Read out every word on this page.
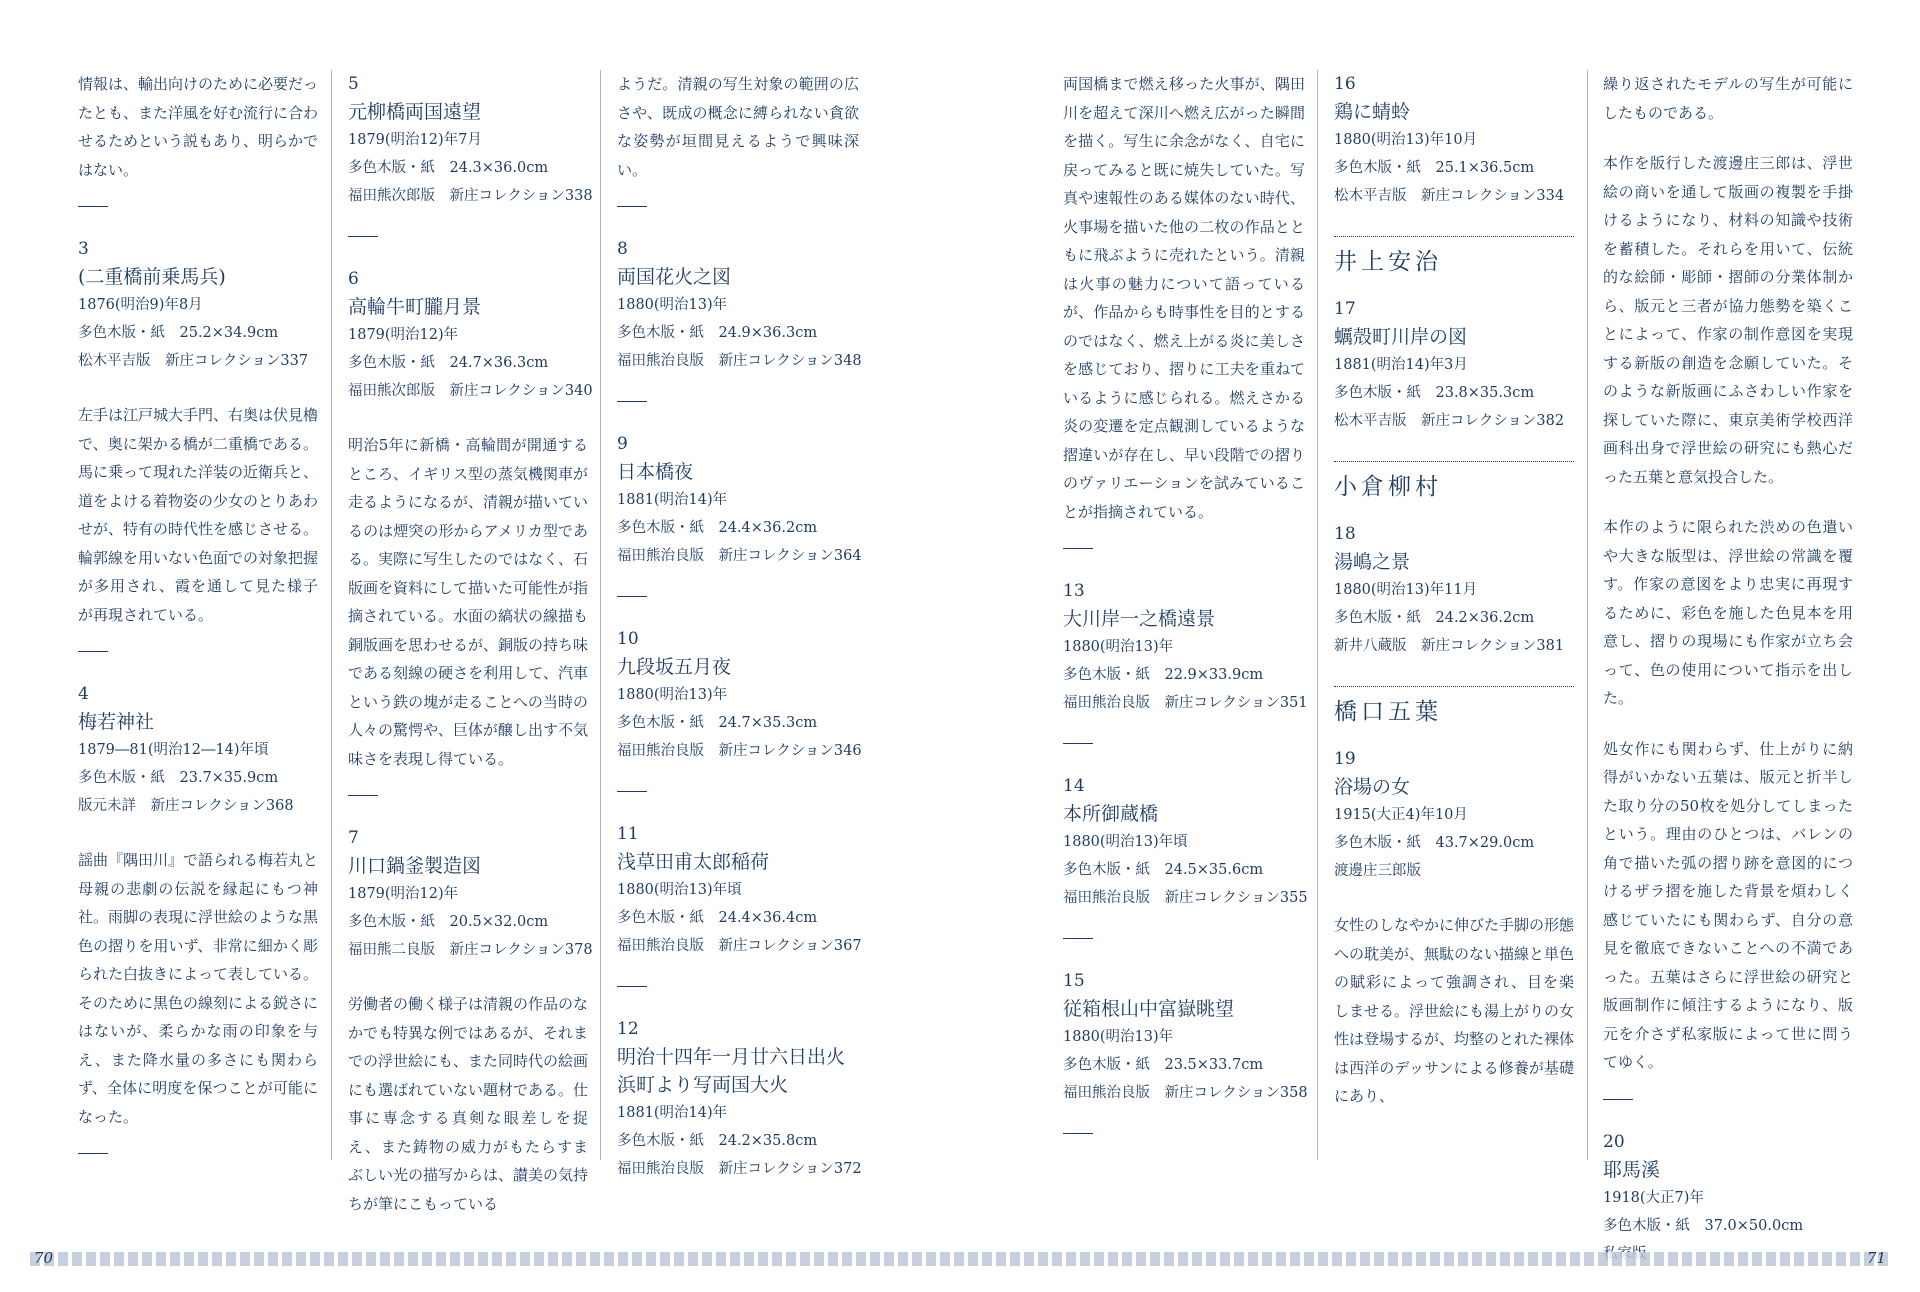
情報は、輸出向けのために必要だったとも、また洋風を好む流行に合わせるためという説もあり、明らかではない。

3
(二重橋前乗馬兵)
1876(明治9)年8月
多色木版・紙　25.2×34.9cm
松木平吉版　新庄コレクション337

左手は江戸城大手門、右奥は伏見櫓で、奥に架かる橋が二重橋である。馬に乗って現れた洋装の近衛兵と、道をよける着物姿の少女のとりあわせが、特有の時代性を感じさせる。輪郭線を用いない色面での対象把握が多用され、霞を通して見た様子が再現されている。

4
梅若神社
1879―81(明治12―14)年頃
多色木版・紙　23.7×35.9cm
版元未詳　新庄コレクション368

謡曲『隅田川』で語られる梅若丸と母親の悲劇の伝説を縁起にもつ神社。雨脚の表現に浮世絵のような黒色の摺りを用いず、非常に細かく彫られた白抜きによって表している。そのために黒色の線刻による鋭さにはないが、柔らかな雨の印象を与え、また降水量の多さにも関わらず、全体に明度を保つことが可能になった。

5
元柳橋両国遠望
1879(明治12)年7月
多色木版・紙　24.3×36.0cm
福田熊次郎版　新庄コレクション338
6
高輪牛町朧月景
1879(明治12)年
多色木版・紙　24.7×36.3cm
福田熊次郎版　新庄コレクション340

明治5年に新橋・高輪間が開通するところ、イギリス型の蒸気機関車が走るようになるが、清親が描いているのは煙突の形からアメリカ型である。実際に写生したのではなく、石版画を資料にして描いた可能性が指摘されている。水面の縞状の線描も銅版画を思わせるが、銅版の持ち味である刻線の硬さを利用して、汽車という鉄の塊が走ることへの当時の人々の驚愕や、巨体が醸し出す不気味さを表現し得ている。

7
川口鍋釜製造図
1879(明治12)年
多色木版・紙　20.5×32.0cm
福田熊二良版　新庄コレクション378

労働者の働く様子は清親の作品のなかでも特異な例ではあるが、それまでの浮世絵にも、また同時代の絵画にも選ばれていない題材である。仕事に専念する真剣な眼差しを捉え、また鋳物の威力がもたらすまぶしい光の描写からは、讃美の気持ちが筆にこもっている

ようだ。清親の写生対象の範囲の広さや、既成の概念に縛られない貪欲な姿勢が垣間見えるようで興味深い。

8
両国花火之図
1880(明治13)年
多色木版・紙　24.9×36.3cm
福田熊治良版　新庄コレクション348
9
日本橋夜
1881(明治14)年
多色木版・紙　24.4×36.2cm
福田熊治良版　新庄コレクション364
10
九段坂五月夜
1880(明治13)年
多色木版・紙　24.7×35.3cm
福田熊治良版　新庄コレクション346
11
浅草田甫太郎稲荷
1880(明治13)年頃
多色木版・紙　24.4×36.4cm
福田熊治良版　新庄コレクション367
12
明治十四年一月廿六日出火
浜町より写両国大火
1881(明治14)年
多色木版・紙　24.2×35.8cm
福田熊治良版　新庄コレクション372

両国橋まで燃え移った火事が、隅田川を超えて深川へ燃え広がった瞬間を描く。写生に余念がなく、自宅に戻ってみると既に焼失していた。写真や速報性のある媒体のない時代、火事場を描いた他の二枚の作品とともに飛ぶように売れたという。清親は火事の魅力について語っているが、作品からも時事性を目的とするのではなく、燃え上がる炎に美しさを感じており、摺りに工夫を重ねているように感じられる。燃えさかる炎の変遷を定点観測しているような摺違いが存在し、早い段階での摺りのヴァリエーションを試みていることが指摘されている。

13
大川岸一之橋遠景
1880(明治13)年
多色木版・紙　22.9×33.9cm
福田熊治良版　新庄コレクション351
14
本所御蔵橋
1880(明治13)年頃
多色木版・紙　24.5×35.6cm
福田熊治良版　新庄コレクション355
15
従箱根山中富嶽眺望
1880(明治13)年
多色木版・紙　23.5×33.7cm
福田熊治良版　新庄コレクション358
16
鶏に蜻蛉
1880(明治13)年10月
多色木版・紙　25.1×36.5cm
松木平吉版　新庄コレクション334
井上安治
17
蠣殻町川岸の図
1881(明治14)年3月
多色木版・紙　23.8×35.3cm
松木平吉版　新庄コレクション382
小倉柳村
18
湯嶋之景
1880(明治13)年11月
多色木版・紙　24.2×36.2cm
新井八蔵版　新庄コレクション381
橋口五葉
19
浴場の女
1915(大正4)年10月
多色木版・紙　43.7×29.0cm
渡邊庄三郎版

女性のしなやかに伸びた手脚の形態への耽美が、無駄のない描線と単色の賦彩によって強調され、目を楽しませる。浮世絵にも湯上がりの女性は登場するが、均整のとれた裸体は西洋のデッサンによる修養が基礎にあり、

繰り返されたモデルの写生が可能にしたものである。

本作を版行した渡邊庄三郎は、浮世絵の商いを通して版画の複製を手掛けるようになり、材料の知識や技術を蓄積した。それらを用いて、伝統的な絵師・彫師・摺師の分業体制から、版元と三者が協力態勢を築くことによって、作家の制作意図を実現する新版の創造を念願していた。そのような新版画にふさわしい作家を探していた際に、東京美術学校西洋画科出身で浮世絵の研究にも熱心だった五葉と意気投合した。

本作のように限られた渋めの色遣いや大きな版型は、浮世絵の常識を覆す。作家の意図をより忠実に再現するために、彩色を施した色見本を用意し、摺りの現場にも作家が立ち会って、色の使用について指示を出した。

処女作にも関わらず、仕上がりに納得がいかない五葉は、版元と折半した取り分の50枚を処分してしまったという。理由のひとつは、バレンの角で描いた弧の摺り跡を意図的につけるザラ摺を施した背景を煩わしく感じていたにも関わらず、自分の意見を徹底できないことへの不満であった。五葉はさらに浮世絵の研究と版画制作に傾注するようになり、版元を介さず私家版によって世に問うてゆく。

20
耶馬溪
1918(大正7)年
多色木版・紙　37.0×50.0cm
70	71
